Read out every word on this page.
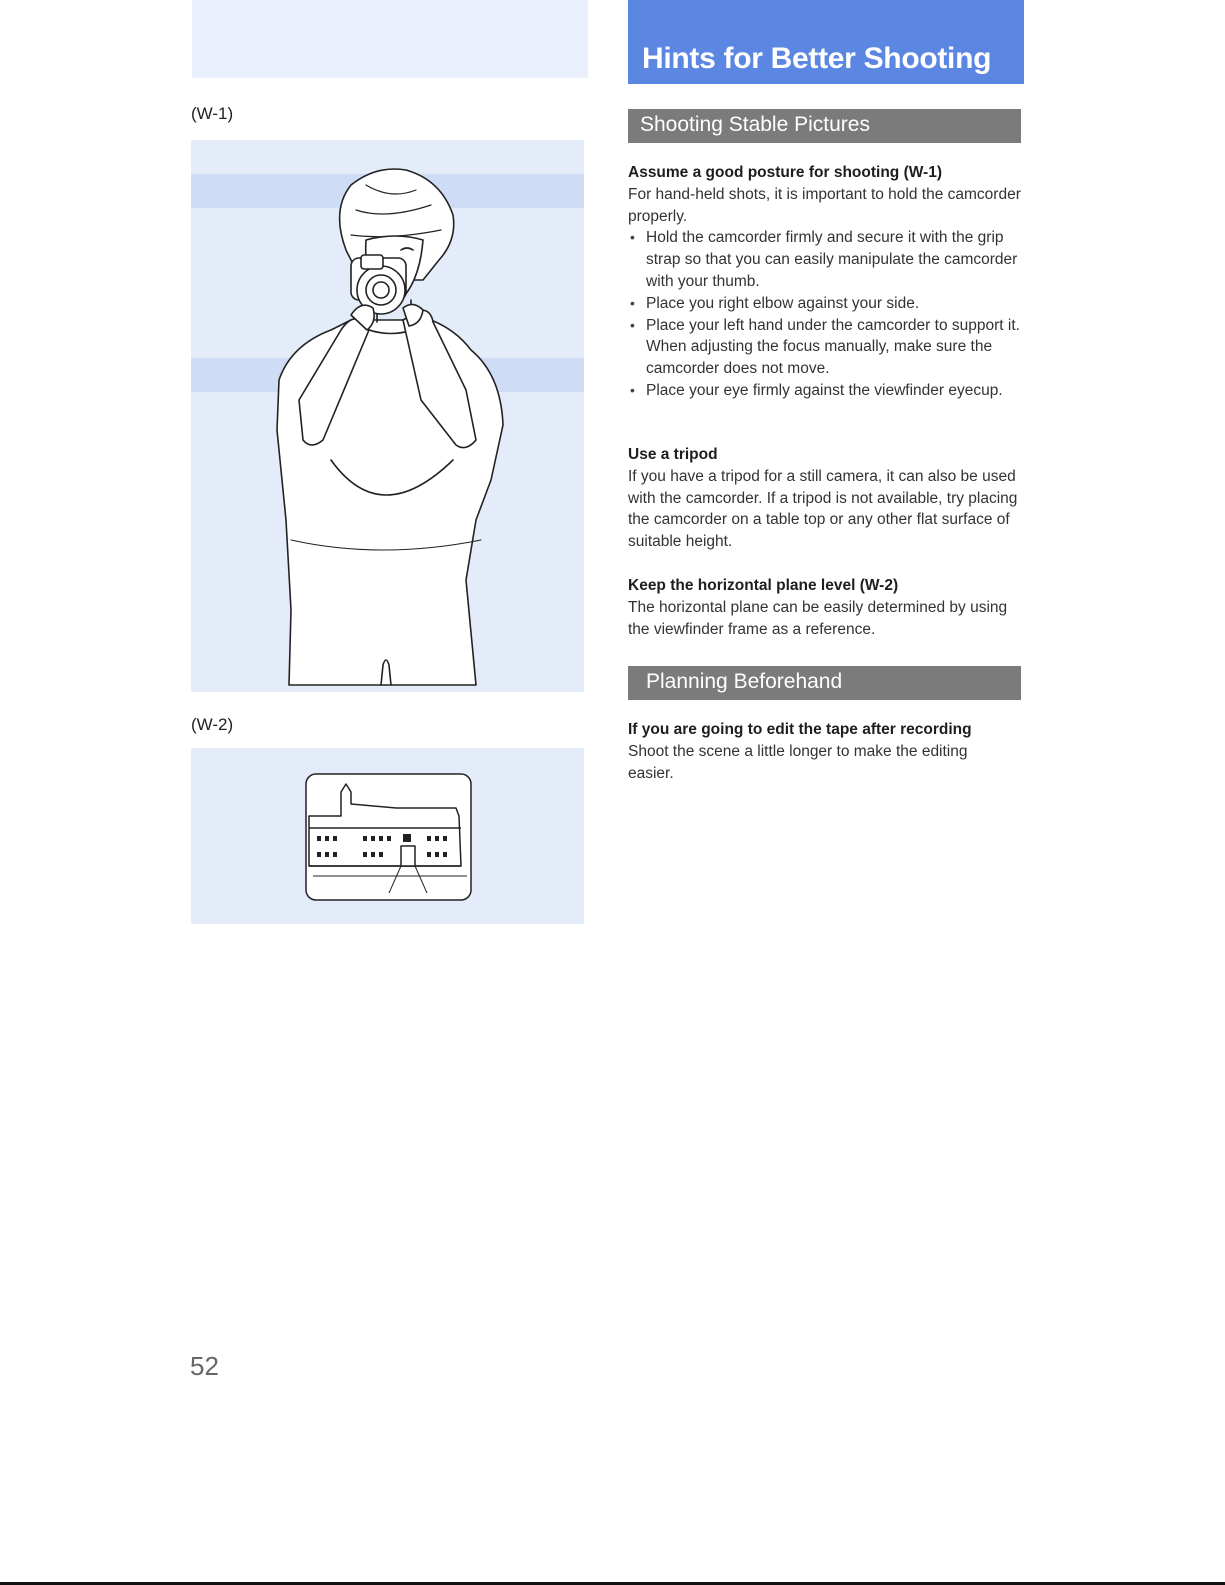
(W-1)
(W-2)
Hints for Better Shooting
Shooting Stable Pictures
Assume a good posture for shooting (W-1)

For hand-held shots, it is important to hold the camcorder properly.

• Hold the camcorder firmly and secure it with the grip strap so that you can easily manipulate the camcorder with your thumb.
• Place you right elbow against your side.
• Place your left hand under the camcorder to support it. When adjusting the focus manually, make sure the camcorder does not move.
• Place your eye firmly against the viewfinder eyecup.
Use a tripod

If you have a tripod for a still camera, it can also be used with the camcorder. If a tripod is not available, try placing the camcorder on a table top or any other flat surface of suitable height.

Keep the horizontal plane level (W-2)

The horizontal plane can be easily determined by using the viewfinder frame as a reference.

Planning Beforehand
If you are going to edit the tape after recording

Shoot the scene a little longer to make the editing easier.

52
